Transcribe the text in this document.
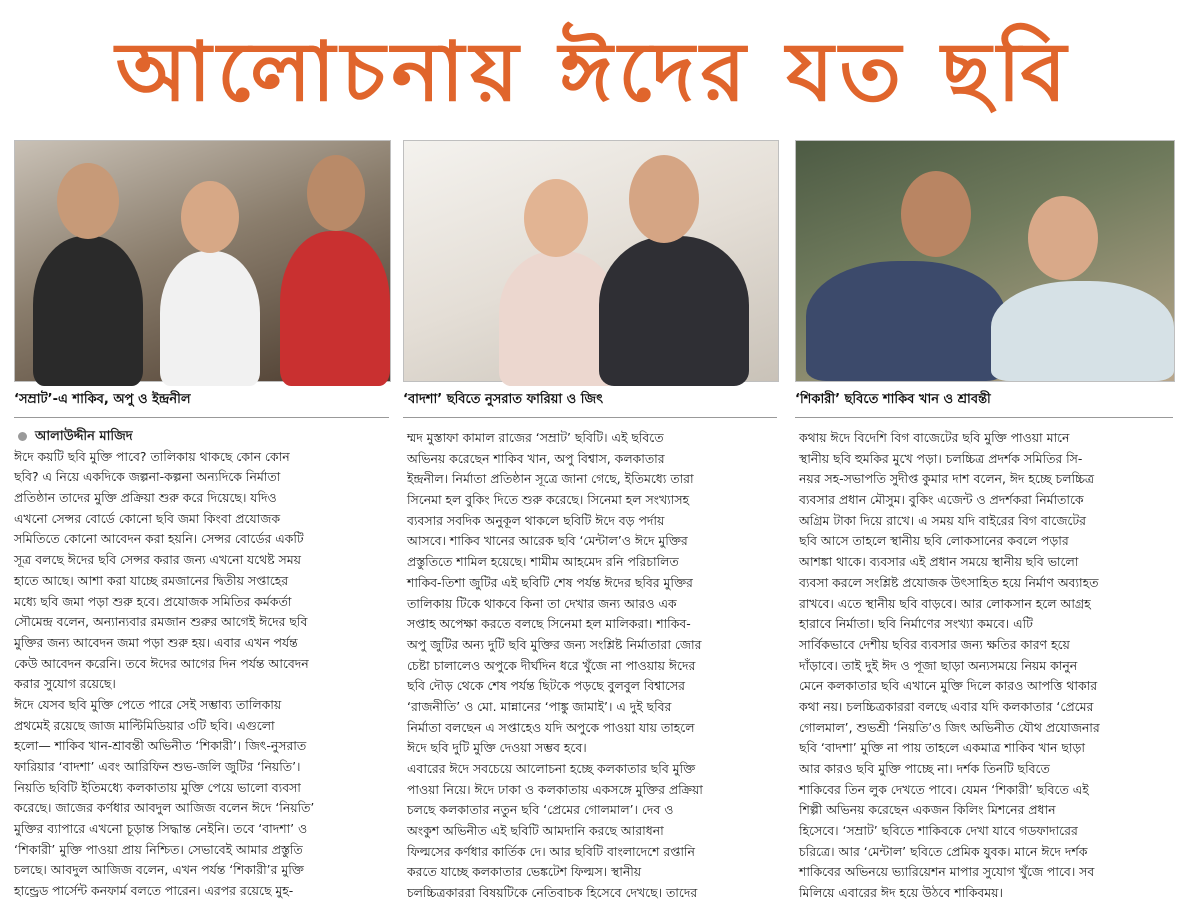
আলোচনায় ঈদের যত ছবি
‘সম্রাট’-এ শাকিব, অপু ও ইন্দ্রনীল	‘বাদশা’ ছবিতে নুসরাত ফারিয়া ও জিৎ	‘শিকারী’ ছবিতে শাকিব খান ও শ্রাবন্তী
আলাউদ্দীন মাজিদ
ঈদে কয়টি ছবি মুক্তি পাবে? তালিকায় থাকছে কোন কোন
ছবি? এ নিয়ে একদিকে জল্পনা-কল্পনা অন্যদিকে নির্মাতা
প্রতিষ্ঠান তাদের মুক্তি প্রক্রিয়া শুরু করে দিয়েছে। যদিও
এখনো সেন্সর বোর্ডে কোনো ছবি জমা কিংবা প্রযোজক
সমিতিতে কোনো আবেদন করা হয়নি। সেন্সর বোর্ডের একটি
সূত্র বলছে ঈদের ছবি সেন্সর করার জন্য এখনো যথেষ্ট সময়
হাতে আছে। আশা করা যাচ্ছে রমজানের দ্বিতীয় সপ্তাহের
মধ্যে ছবি জমা পড়া শুরু হবে। প্রযোজক সমিতির কর্মকর্তা
সৌমেন্দ্র বলেন, অন্যান্যবার রমজান শুরুর আগেই ঈদের ছবি
মুক্তির জন্য আবেদন জমা পড়া শুরু হয়। এবার এখন পর্যন্ত
কেউ আবেদন করেনি। তবে ঈদের আগের দিন পর্যন্ত আবেদন
করার সুযোগ রয়েছে।
ঈদে যেসব ছবি মুক্তি পেতে পারে সেই সম্ভাব্য তালিকায়
প্রথমেই রয়েছে জাজ মাল্টিমিডিয়ার ৩টি ছবি। এগুলো
হলো— শাকিব খান-শ্রাবন্তী অভিনীত ‘শিকারী’। জিৎ-নুসরাত
ফারিয়ার ‘বাদশা’ এবং আরিফিন শুভ-জলি জুটির ‘নিয়তি’।
নিয়তি ছবিটি ইতিমধ্যে কলকাতায় মুক্তি পেয়ে ভালো ব্যবসা
করেছে। জাজের কর্ণধার আবদুল আজিজ বলেন ঈদে ‘নিয়তি’
মুক্তির ব্যাপারে এখনো চূড়ান্ত সিদ্ধান্ত নেইনি। তবে ‘বাদশা’ ও
‘শিকারী’ মুক্তি পাওয়া প্রায় নিশ্চিত। সেভাবেই আমার প্রস্তুতি
চলছে। আবদুল আজিজ বলেন, এখন পর্যন্ত ‘শিকারী’র মুক্তি
হান্ড্রেড পার্সেন্ট কনফার্ম বলতে পারেন। এরপর রয়েছে মুহ-
ম্মদ মুস্তাফা কামাল রাজের ‘সম্রাট’ ছবিটি। এই ছবিতে
অভিনয় করেছেন শাকিব খান, অপু বিশ্বাস, কলকাতার
ইন্দ্রনীল। নির্মাতা প্রতিষ্ঠান সূত্রে জানা গেছে, ইতিমধ্যে তারা
সিনেমা হল বুকিং দিতে শুরু করেছে। সিনেমা হল সংখ্যাসহ
ব্যবসার সবদিক অনুকূল থাকলে ছবিটি ঈদে বড় পর্দায়
আসবে। শাকিব খানের আরেক ছবি ‘মেন্টাল’ও ঈদে মুক্তির
প্রস্তুতিতে শামিল হয়েছে। শামীম আহমেদ রনি পরিচালিত
শাকিব-তিশা জুটির এই ছবিটি শেষ পর্যন্ত ঈদের ছবির মুক্তির
তালিকায় টিকে থাকবে কিনা তা দেখার জন্য আরও এক
সপ্তাহ অপেক্ষা করতে বলছে সিনেমা হল মালিকরা। শাকিব-
অপু জুটির অন্য দুটি ছবি মুক্তির জন্য সংশ্লিষ্ট নির্মাতারা জোর
চেষ্টা চালালেও অপুকে দীর্ঘদিন ধরে খুঁজে না পাওয়ায় ঈদের
ছবি দৌড় থেকে শেষ পর্যন্ত ছিটকে পড়ছে বুলবুল বিশ্বাসের
‘রাজনীতি’ ও মো. মান্নানের ‘পাঙ্কু জামাই’। এ দুই ছবির
নির্মাতা বলছেন এ সপ্তাহেও যদি অপুকে পাওয়া যায় তাহলে
ঈদে ছবি দুটি মুক্তি দেওয়া সম্ভব হবে।
এবারের ঈদে সবচেয়ে আলোচনা হচ্ছে কলকাতার ছবি মুক্তি
পাওয়া নিয়ে। ঈদে ঢাকা ও কলকাতায় একসঙ্গে মুক্তির প্রক্রিয়া
চলছে কলকাতার নতুন ছবি ‘প্রেমের গোলমাল’। দেব ও
অংকুশ অভিনীত এই ছবিটি আমদানি করছে আরাধনা
ফিল্মসের কর্ণধার কার্তিক দে। আর ছবিটি বাংলাদেশে রপ্তানি
করতে যাচ্ছে কলকাতার ভেঙ্কটেশ ফিল্মস। স্থানীয়
চলচ্চিত্রকাররা বিষয়টিকে নেতিবাচক হিসেবে দেখছে। তাদের
কথায় ঈদে বিদেশি বিগ বাজেটের ছবি মুক্তি পাওয়া মানে
স্থানীয় ছবি হুমকির মুখে পড়া। চলচ্চিত্র প্রদর্শক সমিতির সি-
নয়র সহ-সভাপতি সুদীপ্ত কুমার দাশ বলেন, ঈদ হচ্ছে চলচ্চিত্র
ব্যবসার প্রধান মৌসুম। বুকিং এজেন্ট ও প্রদর্শকরা নির্মাতাকে
অগ্রিম টাকা দিয়ে রাখে। এ সময় যদি বাইরের বিগ বাজেটের
ছবি আসে তাহলে স্থানীয় ছবি লোকসানের কবলে পড়ার
আশঙ্কা থাকে। ব্যবসার এই প্রধান সময়ে স্থানীয় ছবি ভালো
ব্যবসা করলে সংশ্লিষ্ট প্রযোজক উৎসাহিত হয়ে নির্মাণ অব্যাহত
রাখবে। এতে স্থানীয় ছবি বাড়বে। আর লোকসান হলে আগ্রহ
হারাবে নির্মাতা। ছবি নির্মাণের সংখ্যা কমবে। এটি
সার্বিকভাবে দেশীয় ছবির ব্যবসার জন্য ক্ষতির কারণ হয়ে
দাঁড়াবে। তাই দুই ঈদ ও পূজা ছাড়া অন্যসময়ে নিয়ম কানুন
মেনে কলকাতার ছবি এখানে মুক্তি দিলে কারও আপত্তি থাকার
কথা নয়। চলচ্চিত্রকাররা বলছে এবার যদি কলকাতার ‘প্রেমের
গোলমাল’, শুভশ্রী ‘নিয়তি’ও জিৎ অভিনীত যৌথ প্রযোজনার
ছবি ‘বাদশা’ মুক্তি না পায় তাহলে একমাত্র শাকিব খান ছাড়া
আর কারও ছবি মুক্তি পাচ্ছে না। দর্শক তিনটি ছবিতে
শাকিবের তিন লুক দেখতে পাবে। যেমন ‘শিকারী’ ছবিতে এই
শিল্পী অভিনয় করেছেন একজন কিলিং মিশনের প্রধান
হিসেবে। ‘সম্রাট’ ছবিতে শাকিবকে দেখা যাবে গডফাদারের
চরিত্রে। আর ‘মেন্টাল’ ছবিতে প্রেমিক যুবক। মানে ঈদে দর্শক
শাকিবের অভিনয়ে ভ্যারিয়েশন মাপার সুযোগ খুঁজে পাবে। সব
মিলিয়ে এবারের ঈদ হয়ে উঠবে শাকিবময়।
